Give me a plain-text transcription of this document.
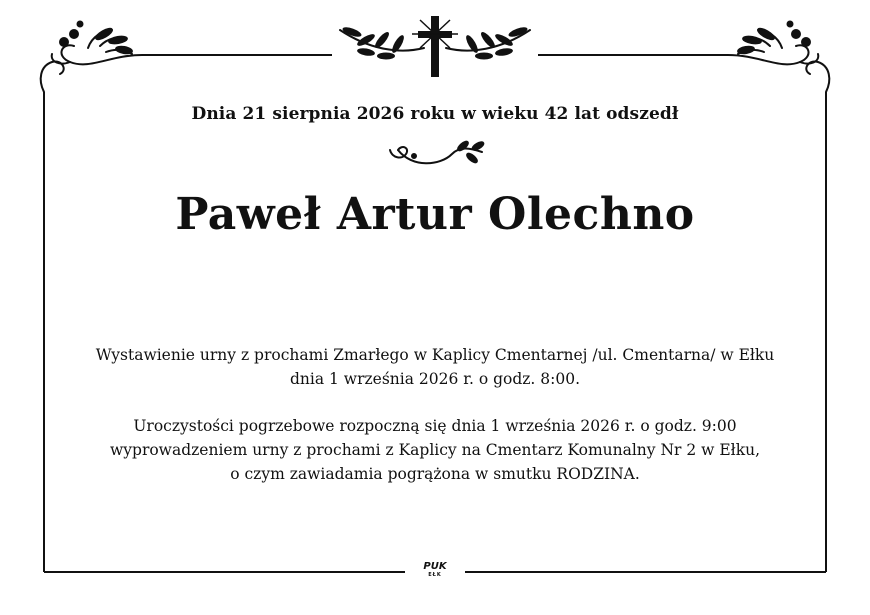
Dnia 21 sierpnia 2026 roku w wieku 42 lat odszedł
Paweł Artur Olechno
Wystawienie urny z prochami Zmarłego w Kaplicy Cmentarnej /ul. Cmentarna/ w Ełku
dnia 1 września 2026 r. o godz. 8:00.
Uroczystości pogrzebowe rozpoczną się dnia 1 września 2026 r. o godz. 9:00
wyprowadzeniem urny z prochami z Kaplicy na Cmentarz Komunalny Nr 2 w Ełku,
o czym zawiadamia pogrążona w smutku RODZINA.
PUK
EŁK
